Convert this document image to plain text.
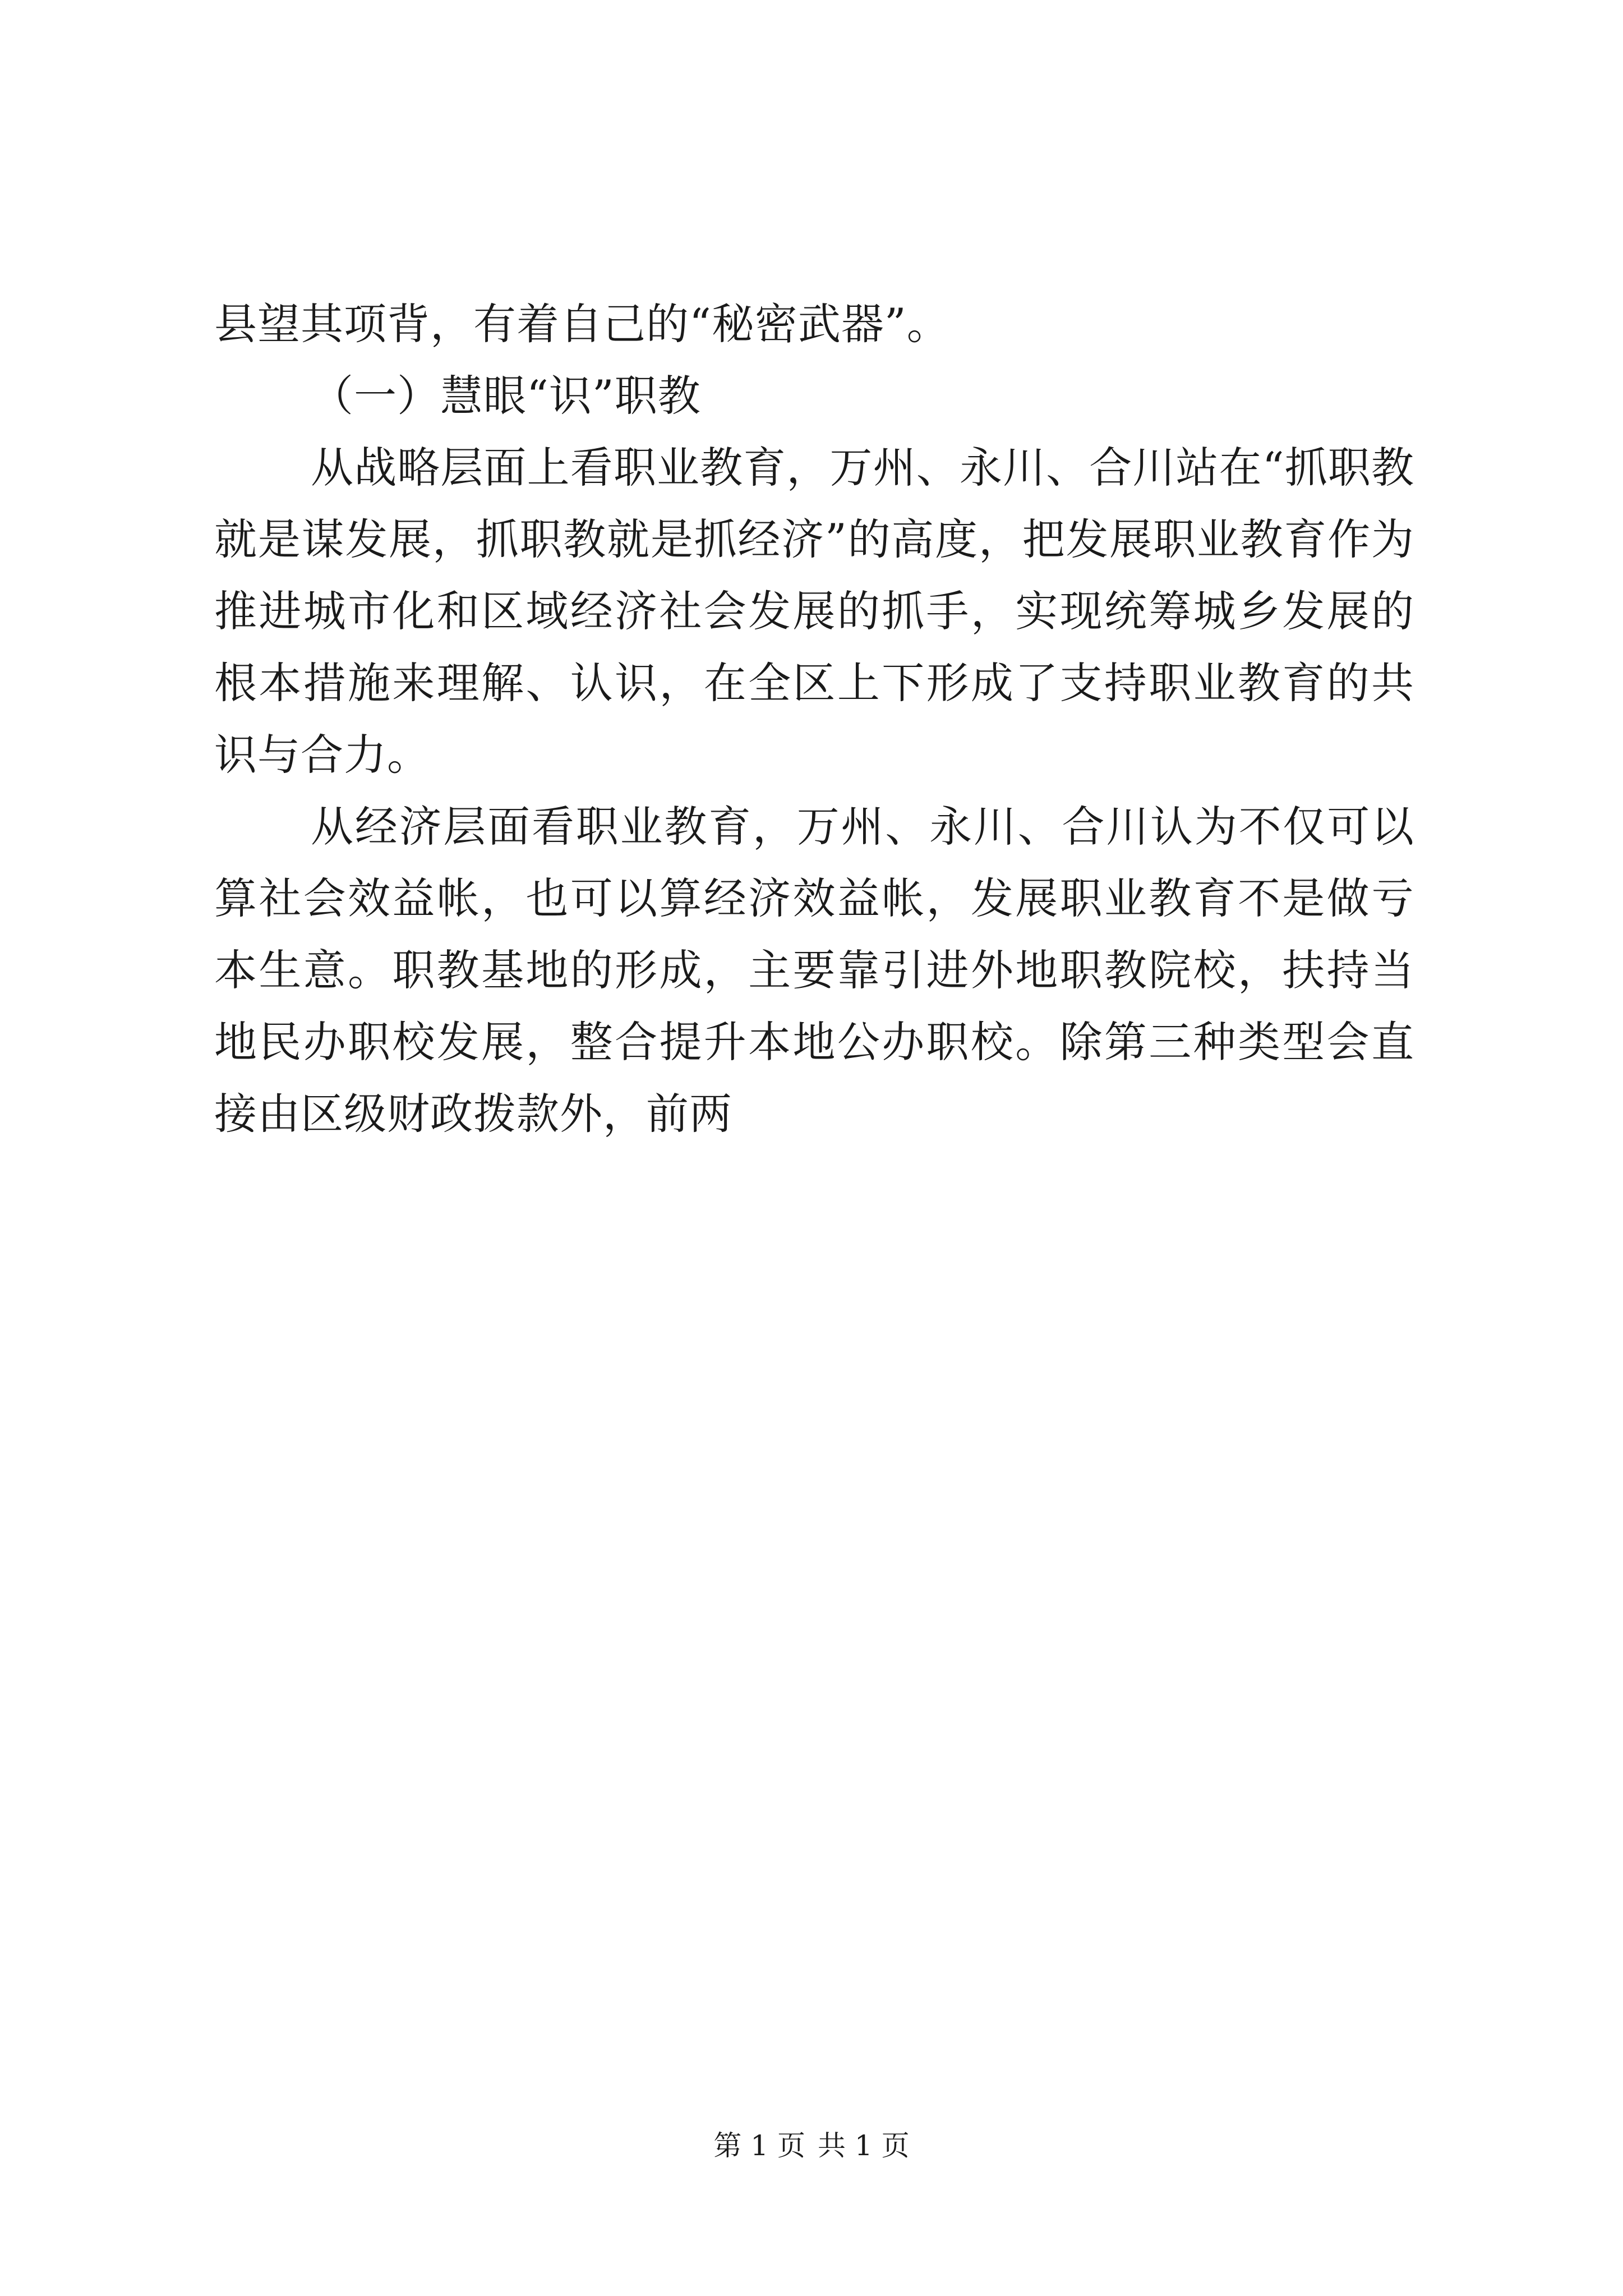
县望其项背，有着自己的“秘密武器”。

（一）慧眼“识”职教

从战略层面上看职业教育，万州、永川、合川站在“抓职教就是谋发展，抓职教就是抓经济”的高度，把发展职业教育作为推进城市化和区域经济社会发展的抓手，实现统筹城乡发展的根本措施来理解、认识，在全区上下形成了支持职业教育的共识与合力。

从经济层面看职业教育，万州、永川、合川认为不仅可以算社会效益帐，也可以算经济效益帐，发展职业教育不是做亏本生意。职教基地的形成，主要靠引进外地职教院校，扶持当地民办职校发展，整合提升本地公办职校。除第三种类型会直接由区级财政拨款外，前两

第 1 页 共 1 页
